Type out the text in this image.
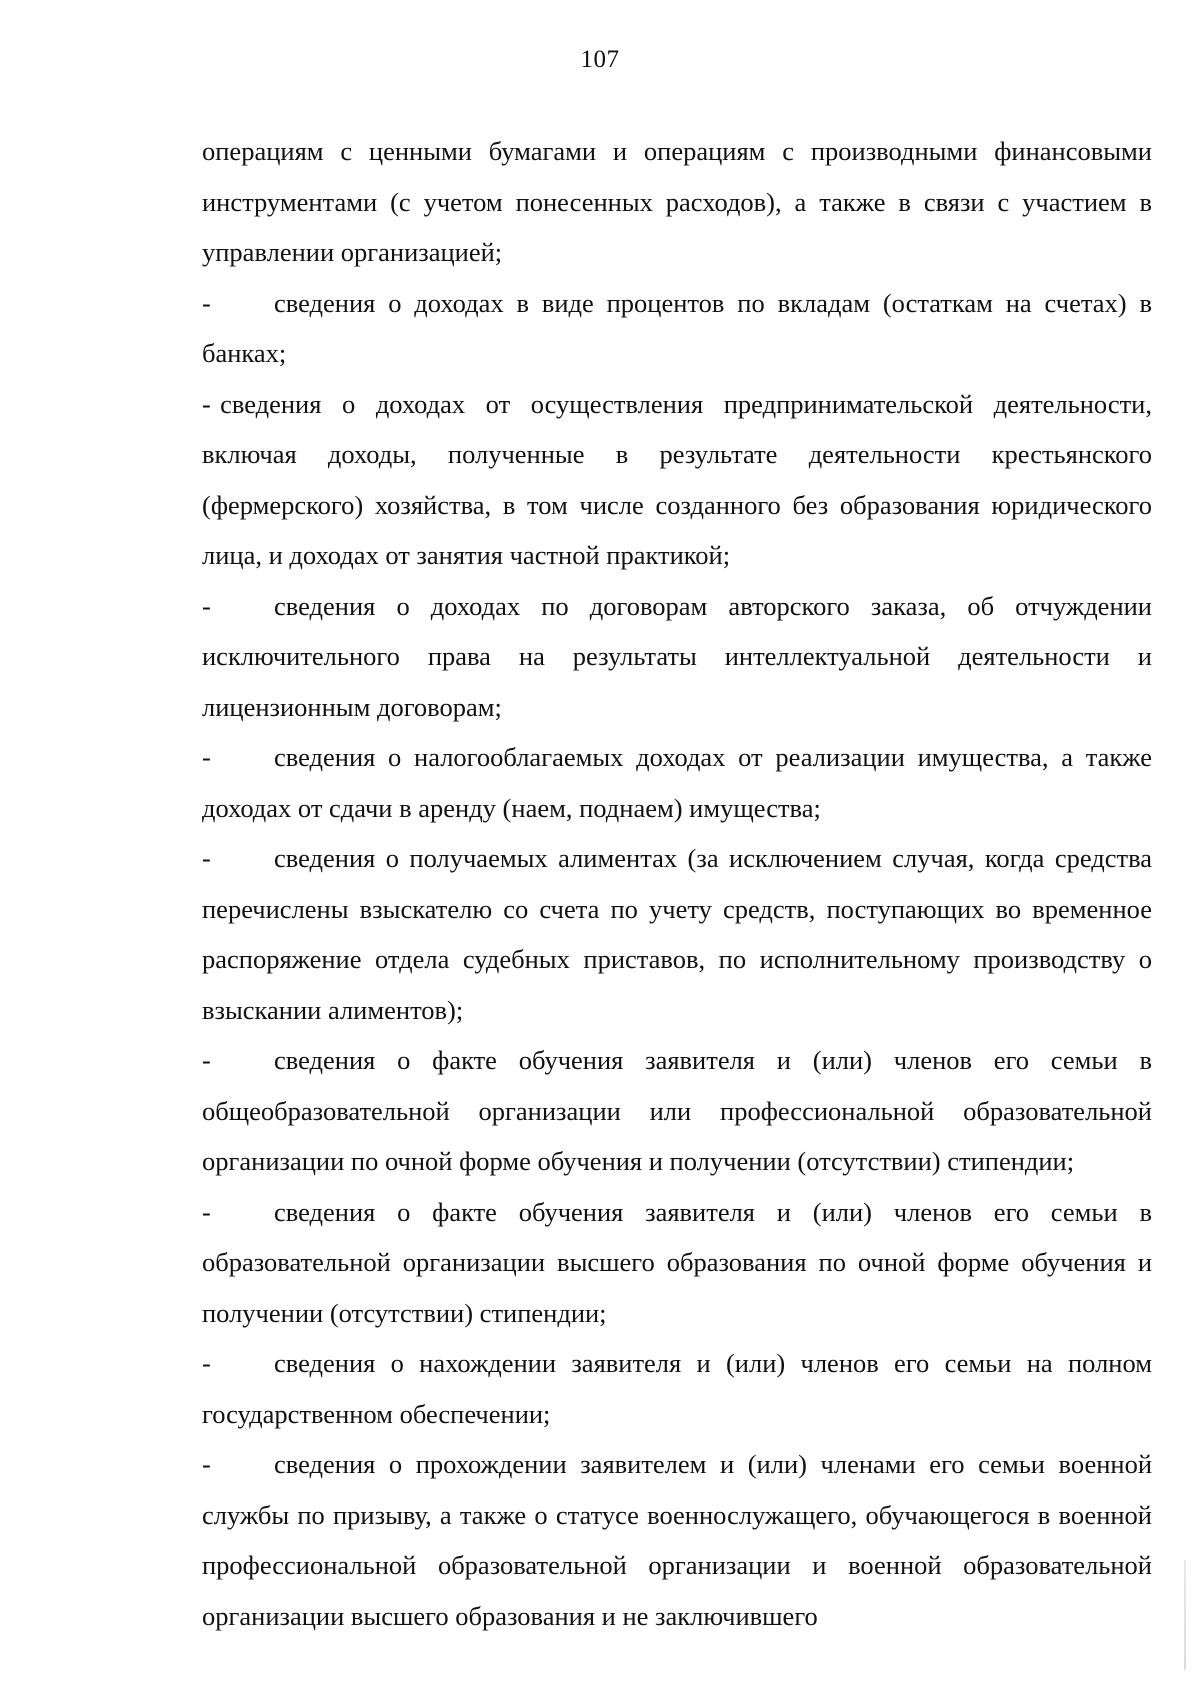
107

операциям с ценными бумагами и операциям с производными финансовыми инструментами (с учетом понесенных расходов), а также в связи с участием в управлении организацией;

- сведения о доходах в виде процентов по вкладам (остаткам на счетах) в банках;

- сведения о доходах от осуществления предпринимательской деятельности, включая доходы, полученные в результате деятельности крестьянского (фермерского) хозяйства, в том числе созданного без образования юридического лица, и доходах от занятия частной практикой;

- сведения о доходах по договорам авторского заказа, об отчуждении исключительного права на результаты интеллектуальной деятельности и лицензионным договорам;

- сведения о налогооблагаемых доходах от реализации имущества, а также доходах от сдачи в аренду (наем, поднаем) имущества;

- сведения о получаемых алиментах (за исключением случая, когда средства перечислены взыскателю со счета по учету средств, поступающих во временное распоряжение отдела судебных приставов, по исполнительному производству о взыскании алиментов);

- сведения о факте обучения заявителя и (или) членов его семьи в общеобразовательной организации или профессиональной образовательной организации по очной форме обучения и получении (отсутствии) стипендии;

- сведения о факте обучения заявителя и (или) членов его семьи в образовательной организации высшего образования по очной форме обучения и получении (отсутствии) стипендии;

- сведения о нахождении заявителя и (или) членов его семьи на полном государственном обеспечении;

- сведения о прохождении заявителем и (или) членами его семьи военной службы по призыву, а также о статусе военнослужащего, обучающегося в военной профессиональной образовательной организации и военной образовательной организации высшего образования и не заключившего
